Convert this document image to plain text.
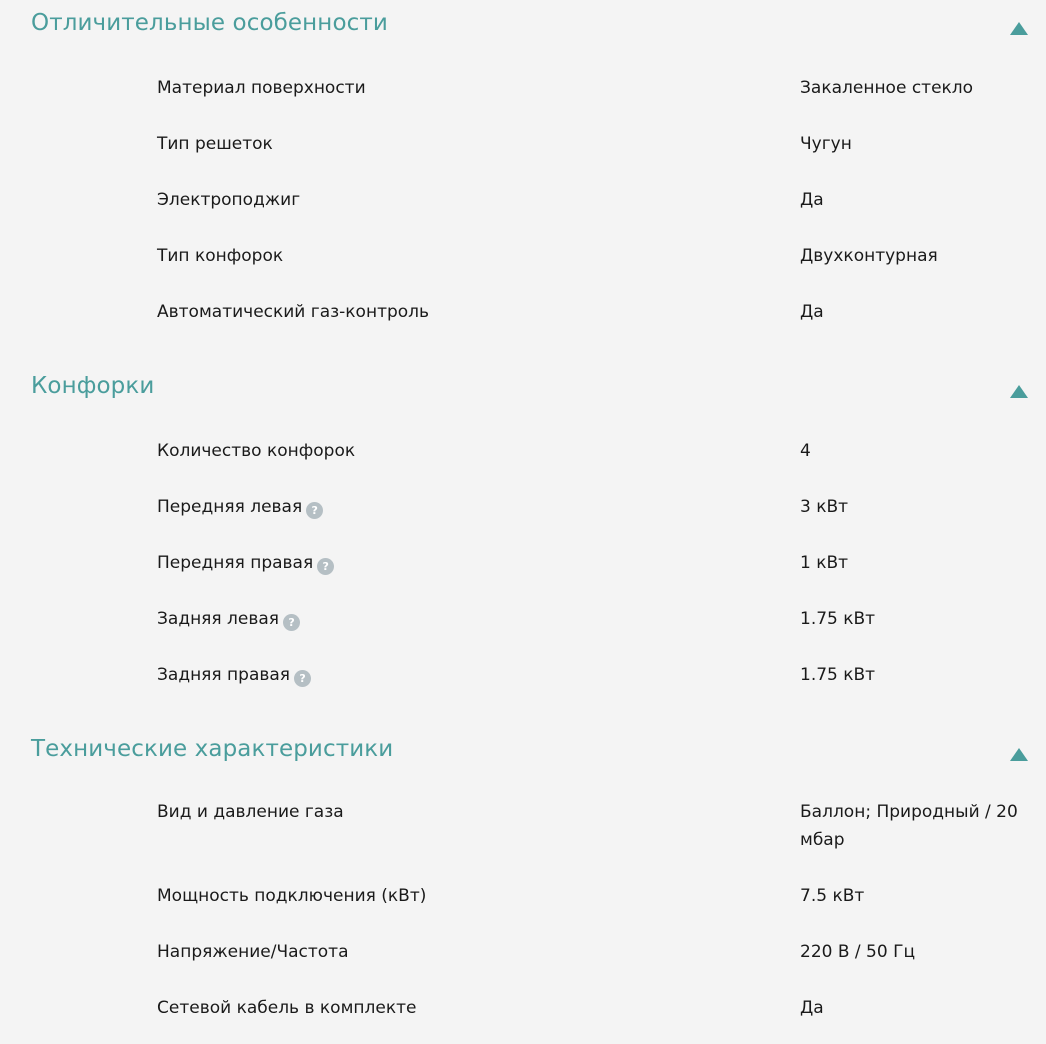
Отличительные особенности
Материал поверхности	Закаленное стекло
Тип решеток	Чугун
Электроподжиг	Да
Тип конфорок	Двухконтурная
Автоматический газ-контроль	Да
Конфорки
Количество конфорок	4
Передняя левая ?	3 кВт
Передняя правая ?	1 кВт
Задняя левая ?	1.75 кВт
Задняя правая ?	1.75 кВт
Технические характеристики
Вид и давление газа	Баллон; Природный / 20 мбар
Мощность подключения (кВт)	7.5 кВт
Напряжение/Частота	220 В / 50 Гц
Сетевой кабель в комплекте	Да
